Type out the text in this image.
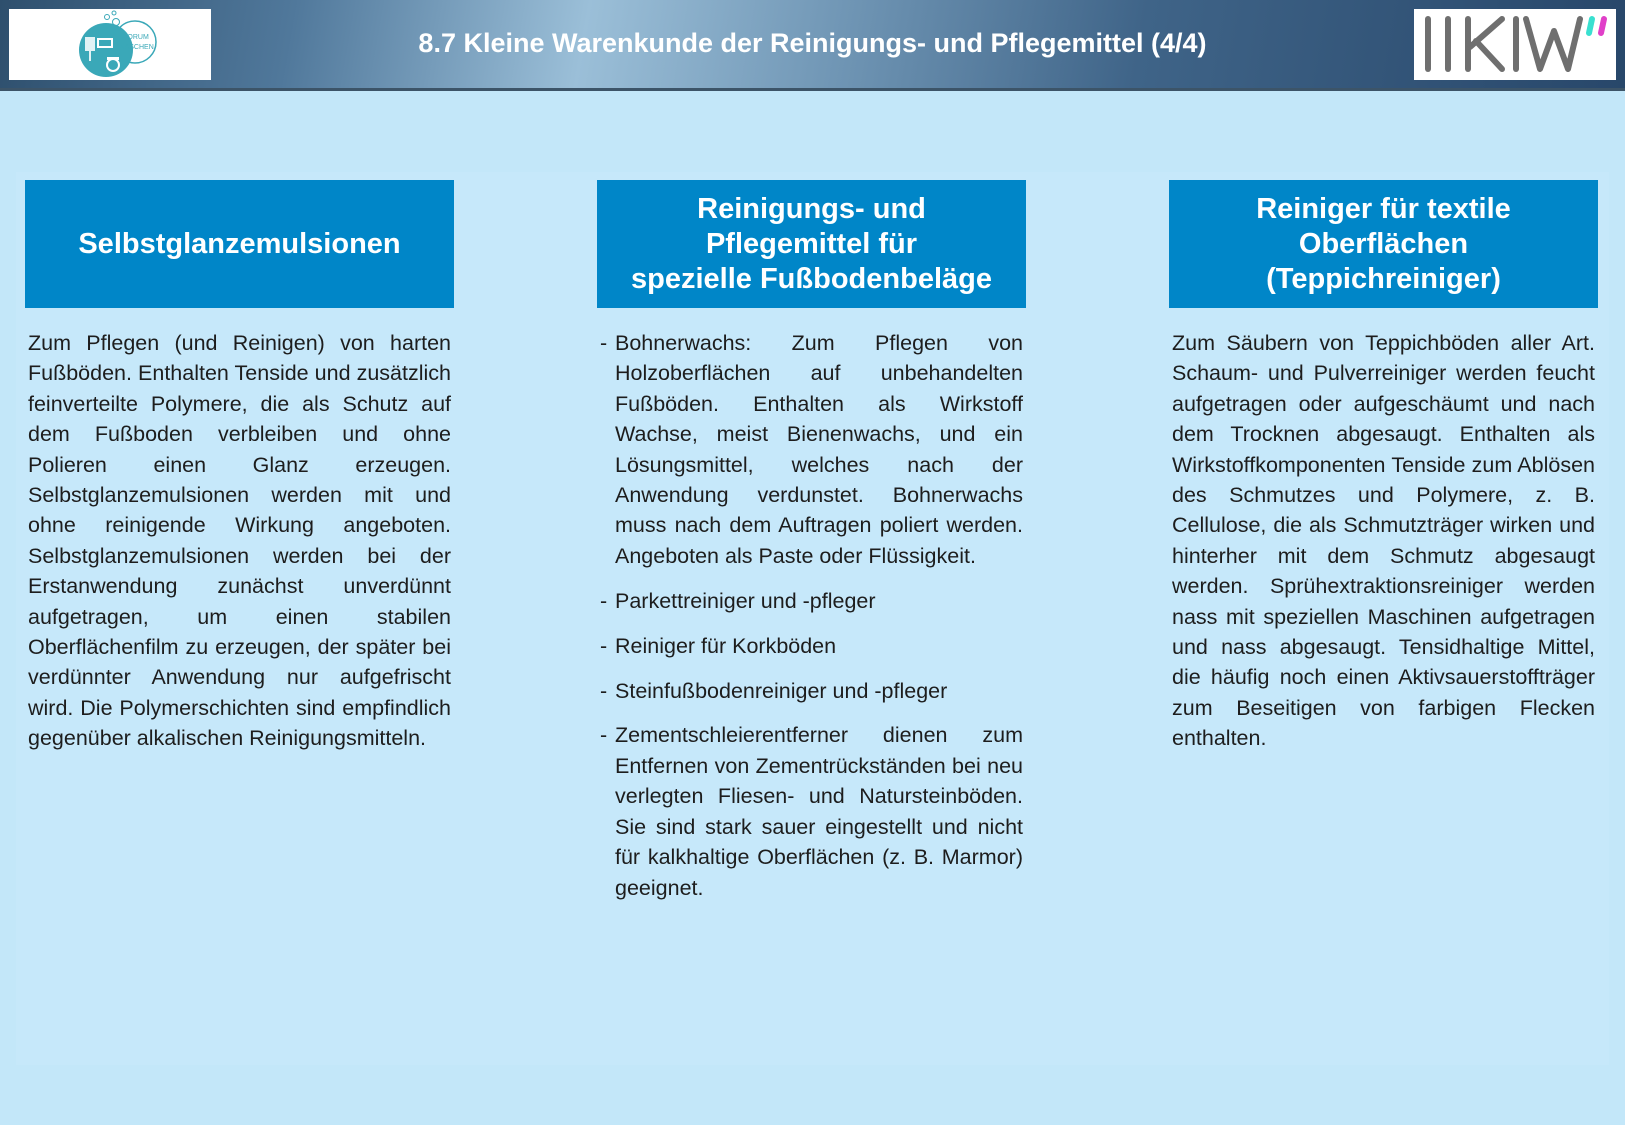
FORUM
WASCHEN	8.7 Kleine Warenkunde der Reinigungs- und Pflegemittel (4/4)
IKW
Selbstglanzemulsionen
Zum Pflegen (und Reinigen) von harten Fußböden. Enthalten Tenside und zusätzlich feinverteilte Polymere, die als Schutz auf dem Fußboden verbleiben und ohne Polieren einen Glanz erzeugen. Selbstglanzemulsionen werden mit und ohne reinigende Wirkung angeboten. Selbstglanzemulsionen werden bei der Erstanwendung zunächst unverdünnt aufgetragen, um einen stabilen Oberflächenfilm zu erzeugen, der später bei verdünnter Anwendung nur aufgefrischt wird. Die Polymerschichten sind empfindlich gegenüber alkalischen Reinigungsmitteln.
Reinigungs- und
Pflegemittel für
spezielle Fußbodenbeläge
- Bohnerwachs: Zum Pflegen von Holzoberflächen auf unbehandelten Fußböden. Enthalten als Wirkstoff Wachse, meist Bienenwachs, und ein Lösungsmittel, welches nach der Anwendung verdunstet. Bohnerwachs muss nach dem Auftragen poliert werden. Angeboten als Paste oder Flüssigkeit.
- Parkettreiniger und -pfleger
- Reiniger für Korkböden
- Steinfußbodenreiniger und -pfleger
- Zementschleierentferner dienen zum Entfernen von Zementrückständen bei neu verlegten Fliesen- und Natursteinböden. Sie sind stark sauer eingestellt und nicht für kalkhaltige Oberflächen (z. B. Marmor) geeignet.
Reiniger für textile
Oberflächen
(Teppichreiniger)
Zum Säubern von Teppichböden aller Art. Schaum- und Pulverreiniger werden feucht aufgetragen oder aufgeschäumt und nach dem Trocknen abgesaugt. Enthalten als Wirkstoffkomponenten Tenside zum Ablösen des Schmutzes und Polymere, z. B. Cellulose, die als Schmutzträger wirken und hinterher mit dem Schmutz abgesaugt werden. Sprühextraktionsreiniger werden nass mit speziellen Maschinen aufgetragen und nass abgesaugt. Tensidhaltige Mittel, die häufig noch einen Aktivsauerstoffträger zum Beseitigen von farbigen Flecken enthalten.
